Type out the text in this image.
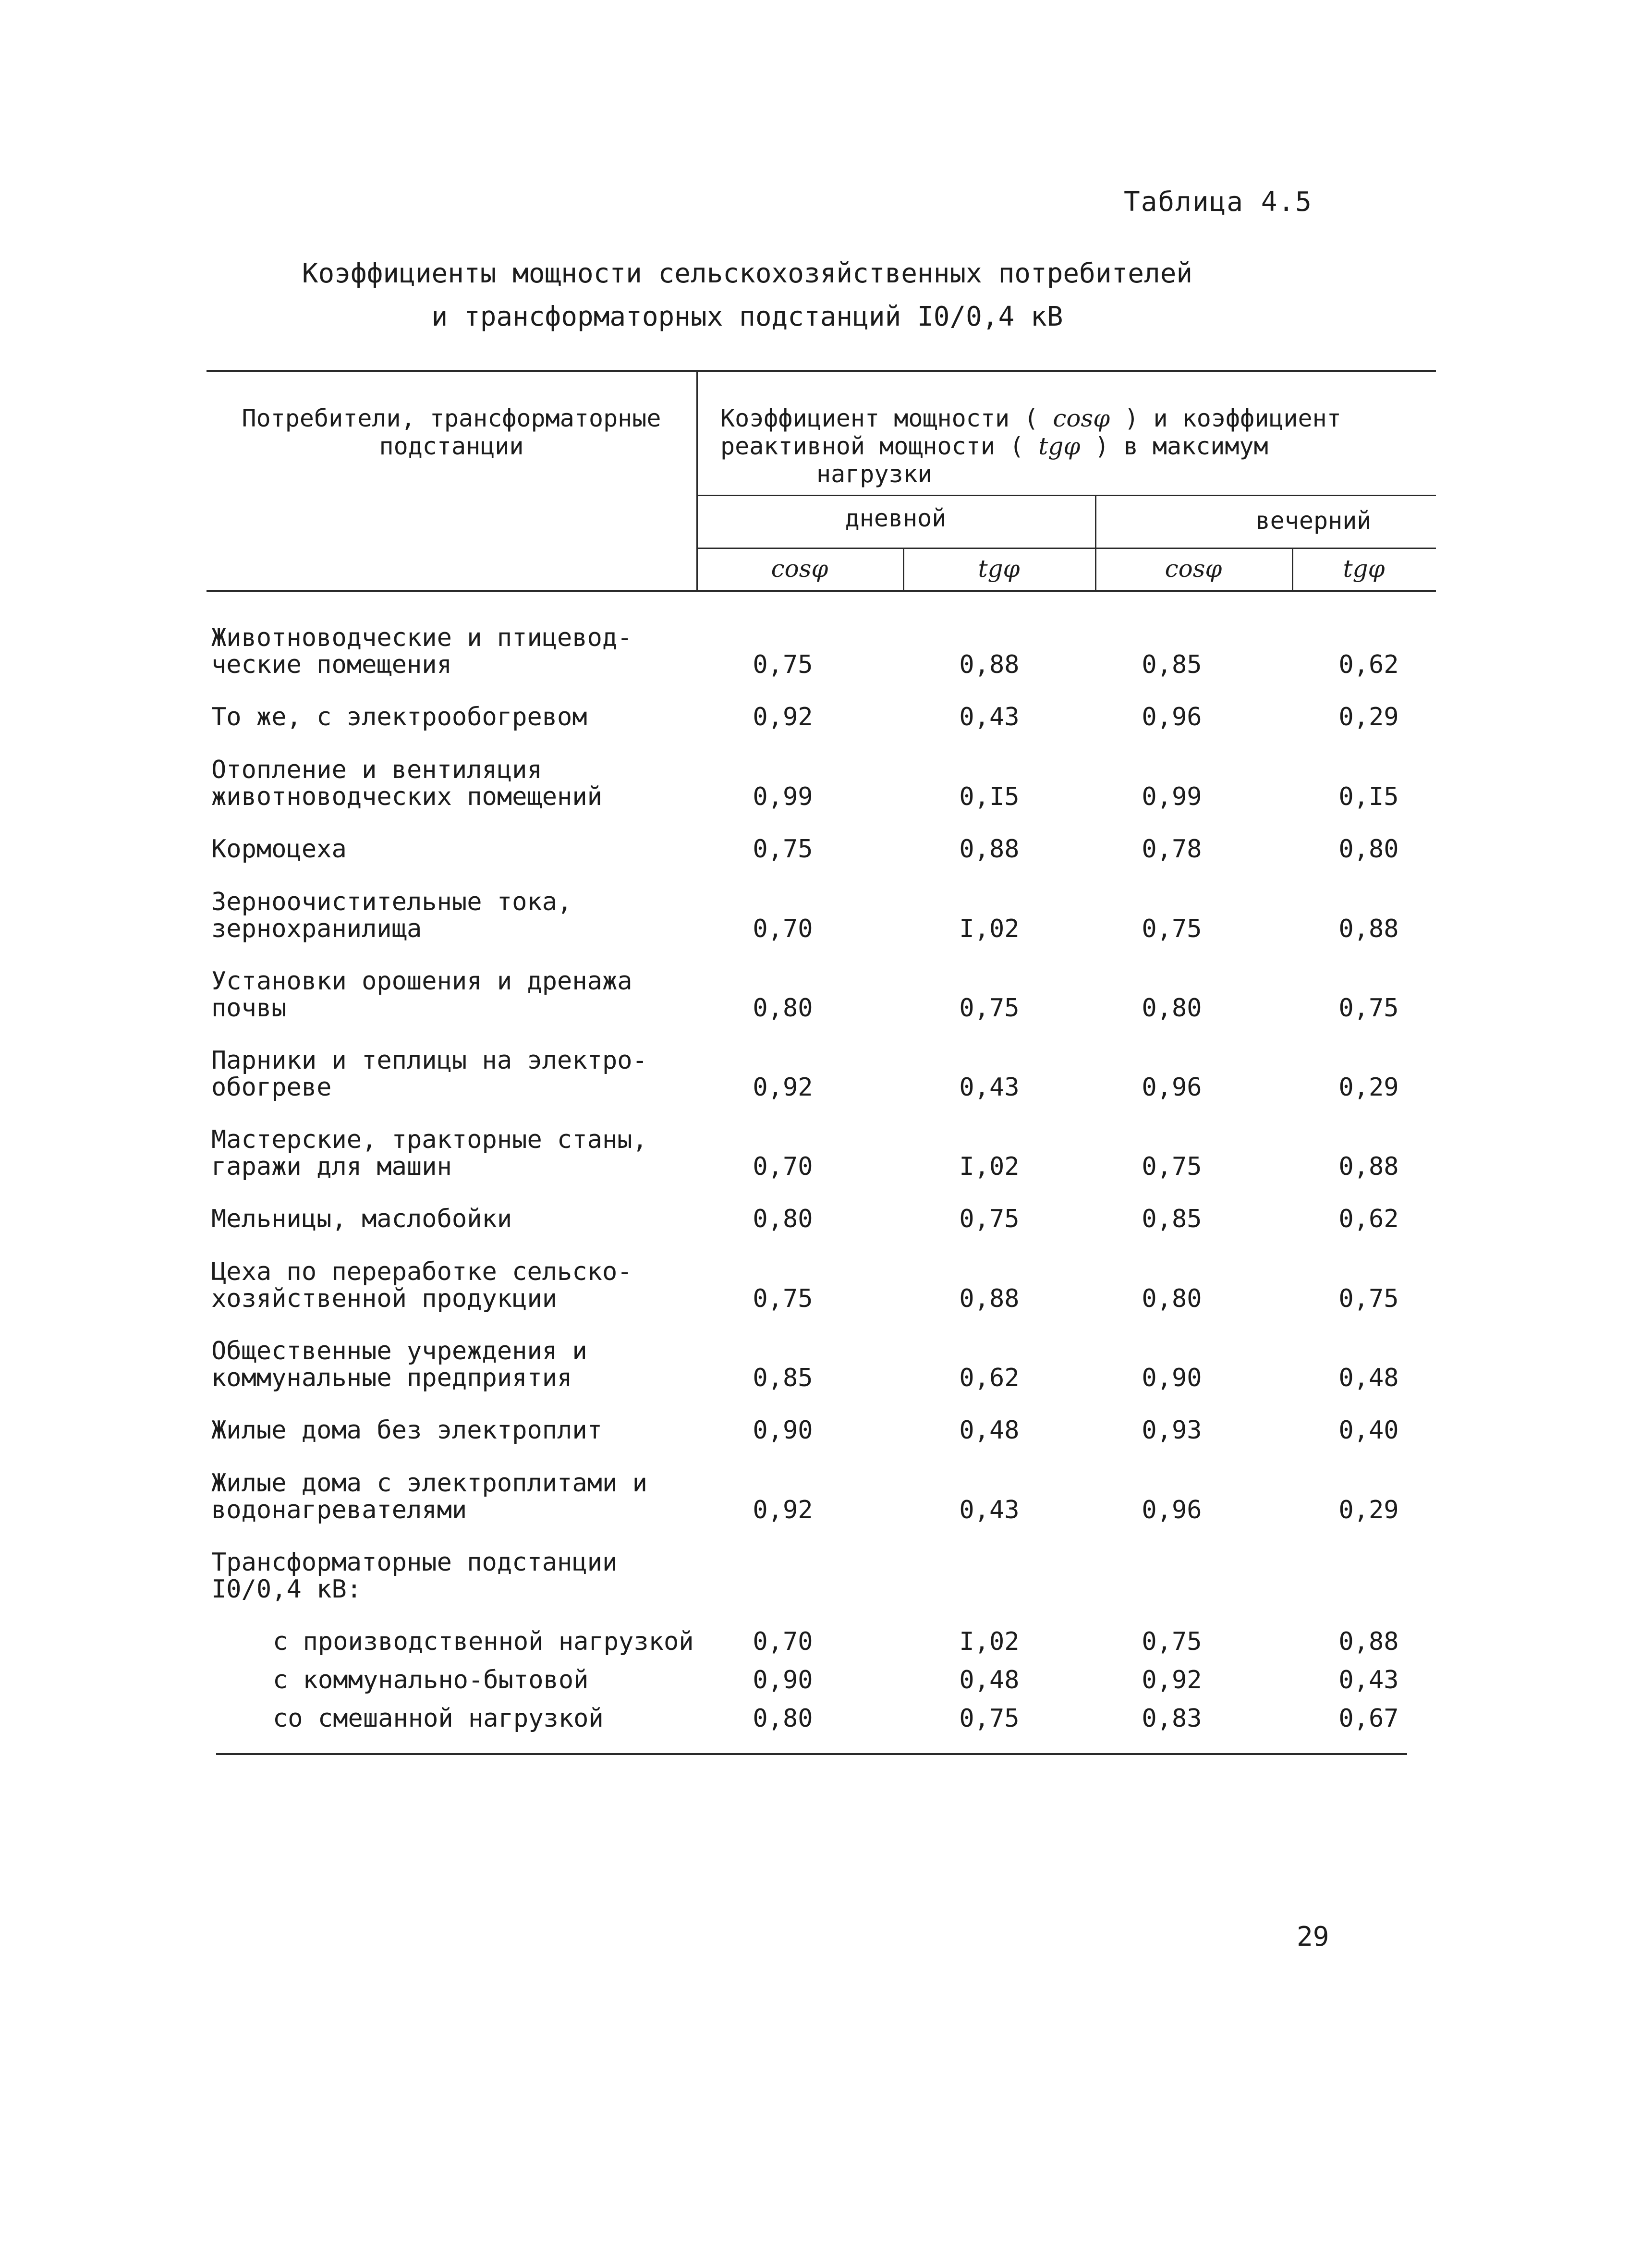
Таблица 4.5
Коэффициенты мощности сельскохозяйственных потребителей
и трансформаторных подстанций I0/0,4 кВ
Потребители, трансформаторные подстанции
Коэффициент мощности ( cosφ ) и коэффициент
реактивной мощности ( tgφ ) в максимум
нагрузки
дневной	вечерний
cosφ	tgφ	cosφ	tgφ
Животноводческие и птицевод-ческие помещения	0,75	0,88	0,85	0,62
То же, с электрообогревом	0,92	0,43	0,96	0,29
Отопление и вентиляция животноводческих помещений	0,99	0,I5	0,99	0,I5
Кормоцеха	0,75	0,88	0,78	0,80
Зерноочистительные тока, зернохранилища	0,70	I,02	0,75	0,88
Установки орошения и дренажа почвы	0,80	0,75	0,80	0,75
Парники и теплицы на электро-обогреве	0,92	0,43	0,96	0,29
Мастерские, тракторные станы, гаражи для машин	0,70	I,02	0,75	0,88
Мельницы, маслобойки	0,80	0,75	0,85	0,62
Цеха по переработке сельско-хозяйственной продукции	0,75	0,88	0,80	0,75
Общественные учреждения и коммунальные предприятия	0,85	0,62	0,90	0,48
Жилые дома без электроплит	0,90	0,48	0,93	0,40
Жилые дома с электроплитами и водонагревателями	0,92	0,43	0,96	0,29
Трансформаторные подстанции I0/0,4 кВ:
с производственной нагрузкой	0,70	I,02	0,75	0,88
с коммунально-бытовой	0,90	0,48	0,92	0,43
со смешанной нагрузкой	0,80	0,75	0,83	0,67
29
